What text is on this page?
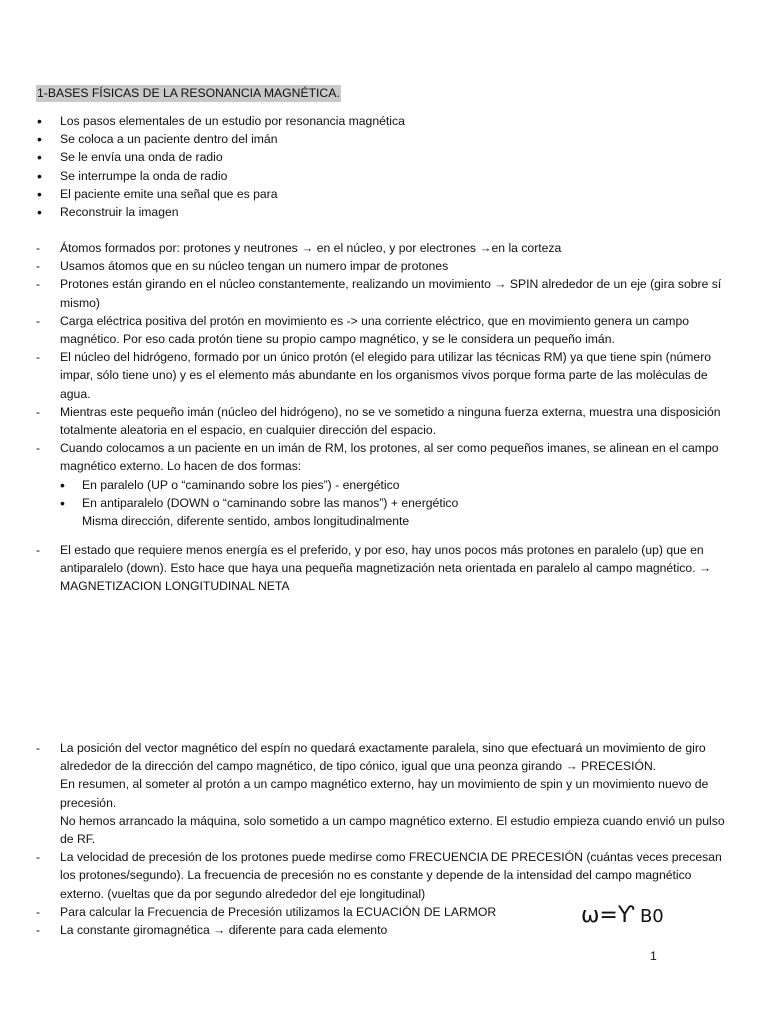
1-BASES FÍSICAS DE LA RESONANCIA MAGNÉTICA.
• Los pasos elementales de un estudio por resonancia magnética
• Se coloca a un paciente dentro del imán
• Se le envía una onda de radio
• Se interrumpe la onda de radio
• El paciente emite una señal que es para
• Reconstruir la imagen
- Átomos formados por: protones y neutrones → en el núcleo, y por electrones →en la corteza
- Usamos átomos que en su núcleo tengan un numero impar de protones
- Protones están girando en el núcleo constantemente, realizando un movimiento → SPIN alrededor de un eje (gira sobre sí mismo)
- Carga eléctrica positiva del protón en movimiento es -> una corriente eléctrico, que en movimiento genera un campo magnético. Por eso cada protón tiene su propio campo magnético, y se le considera un pequeño imán.
- El núcleo del hidrógeno, formado por un único protón (el elegido para utilizar las técnicas RM) ya que tiene spin (número impar, sólo tiene uno) y es el elemento más abundante en los organismos vivos porque forma parte de las moléculas de agua.
- Mientras este pequeño imán (núcleo del hidrógeno), no se ve sometido a ninguna fuerza externa, muestra una disposición totalmente aleatoria en el espacio, en cualquier dirección del espacio.
- Cuando colocamos a un paciente en un imán de RM, los protones, al ser como pequeños imanes, se alinean en el campo magnético externo. Lo hacen de dos formas:
• En paralelo (UP o “caminando sobre los pies”) - energético
• En antiparalelo (DOWN o “caminando sobre las manos”) + energético
Misma dirección, diferente sentido, ambos longitudinalmente
- El estado que requiere menos energía es el preferido, y por eso, hay unos pocos más protones en paralelo (up) que en antiparalelo (down). Esto hace que haya una pequeña magnetización neta orientada en paralelo al campo magnético. → MAGNETIZACION LONGITUDINAL NETA
- La posición del vector magnético del espín no quedará exactamente paralela, sino que efectuará un movimiento de giro alrededor de la dirección del campo magnético, de tipo cónico, igual que una peonza girando → PRECESIÓN.
En resumen, al someter al protón a un campo magnético externo, hay un movimiento de spin y un movimiento nuevo de precesión.
No hemos arrancado la máquina, solo sometido a un campo magnético externo. El estudio empieza cuando envió un pulso de RF.
- La velocidad de precesión de los protones puede medirse como FRECUENCIA DE PRECESIÓN (cuántas veces precesan los protones/segundo). La frecuencia de precesión no es constante y depende de la intensidad del campo magnético externo. (vueltas que da por segundo alrededor del eje longitudinal)
- Para calcular la Frecuencia de Precesión utilizamos la ECUACIÓN DE LARMOR
- La constante giromagnética → diferente para cada elemento
ω=Ƴ B0
1
